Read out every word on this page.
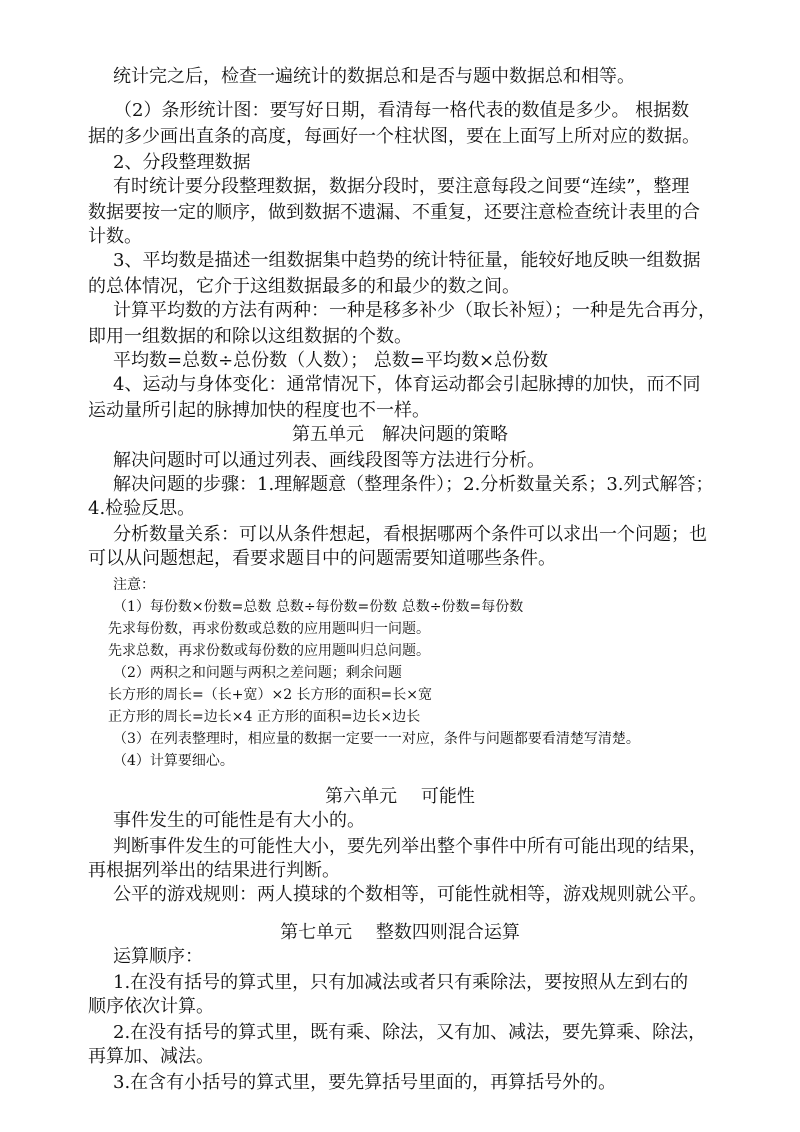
统计完之后，检查一遍统计的数据总和是否与题中数据总和相等。
（2）条形统计图：要写好日期，看清每一格代表的数值是多少。 根据数
据的多少画出直条的高度，每画好一个柱状图，要在上面写上所对应的数据。
2、分段整理数据
有时统计要分段整理数据，数据分段时，要注意每段之间要“连续”，整理
数据要按一定的顺序，做到数据不遗漏、不重复，还要注意检查统计表里的合
计数。
3、平均数是描述一组数据集中趋势的统计特征量，能较好地反映一组数据
的总体情况，它介于这组数据最多的和最少的数之间。
计算平均数的方法有两种：一种是移多补少（取长补短）；一种是先合再分，
即用一组数据的和除以这组数据的个数。
平均数=总数÷总份数（人数）； 总数=平均数×总份数
4、运动与身体变化：通常情况下，体育运动都会引起脉搏的加快，而不同
运动量所引起的脉搏加快的程度也不一样。
第五单元　解决问题的策略
解决问题时可以通过列表、画线段图等方法进行分析。
解决问题的步骤：1.理解题意（整理条件）；2.分析数量关系；3.列式解答；
4.检验反思。
分析数量关系：可以从条件想起，看根据哪两个条件可以求出一个问题；也
可以从问题想起，看要求题目中的问题需要知道哪些条件。
注意：
（1）每份数×份数=总数 总数÷每份数=份数 总数÷份数=每份数
先求每份数，再求份数或总数的应用题叫归一问题。
先求总数，再求份数或每份数的应用题叫归总问题。
（2）两积之和问题与两积之差问题；剩余问题
长方形的周长=（长+宽）×2 长方形的面积=长×宽
正方形的周长=边长×4 正方形的面积=边长×边长
（3）在列表整理时，相应量的数据一定要一一对应，条件与问题都要看清楚写清楚。
（4）计算要细心。
第六单元　 可能性
事件发生的可能性是有大小的。
判断事件发生的可能性大小，要先列举出整个事件中所有可能出现的结果，
再根据列举出的结果进行判断。
公平的游戏规则：两人摸球的个数相等，可能性就相等，游戏规则就公平。
第七单元　 整数四则混合运算
运算顺序：
1.在没有括号的算式里，只有加减法或者只有乘除法，要按照从左到右的
顺序依次计算。
2.在没有括号的算式里，既有乘、除法，又有加、减法，要先算乘、除法，
再算加、减法。
3.在含有小括号的算式里，要先算括号里面的，再算括号外的。
